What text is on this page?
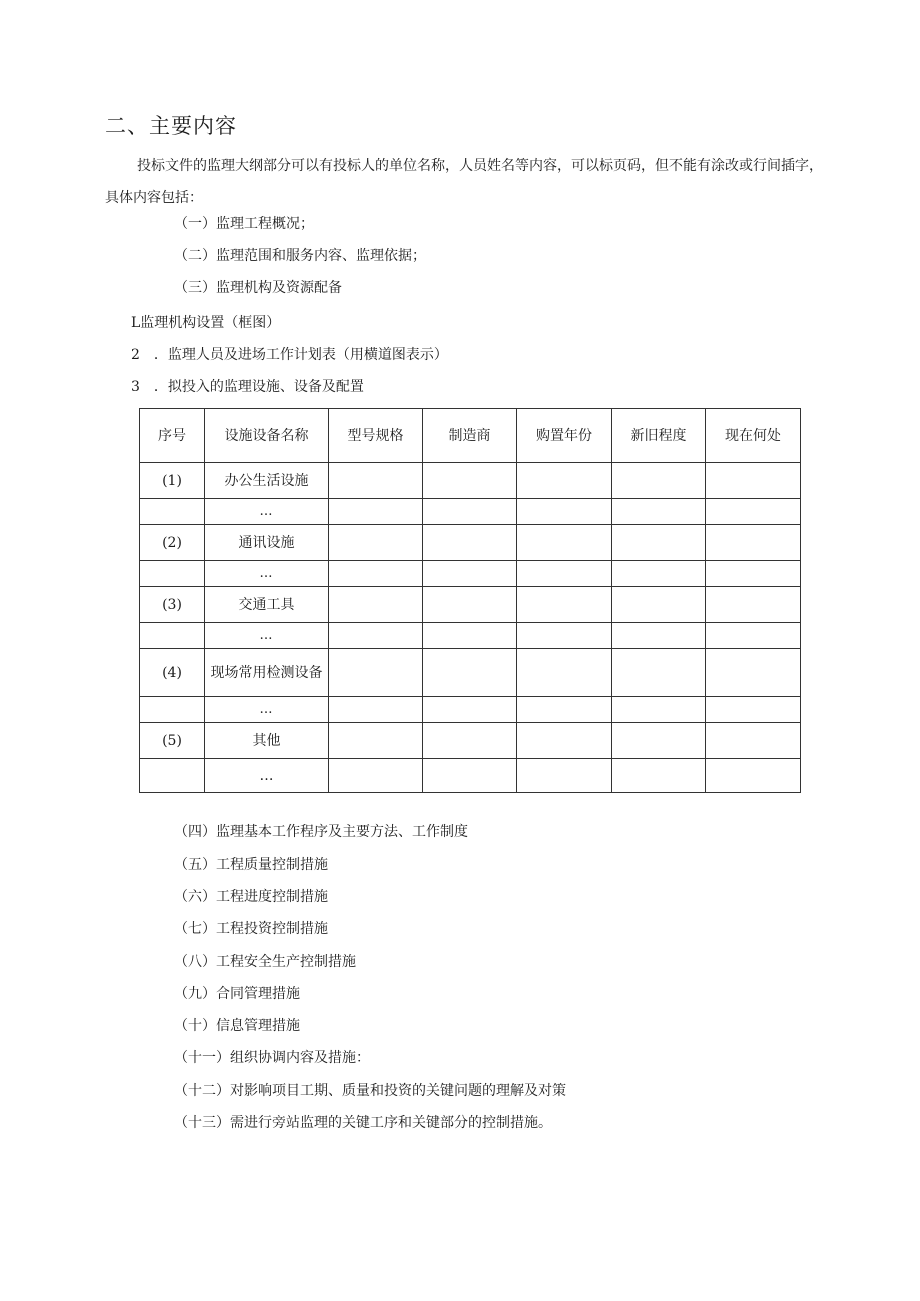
二、主要内容
投标文件的监理大纲部分可以有投标人的单位名称，人员姓名等内容，可以标页码，但不能有涂改或行间插字，具体内容包括：
（一）监理工程概况；
（二）监理范围和服务内容、监理依据；
（三）监理机构及资源配备
L监理机构设置（框图）
2　．监理人员及进场工作计划表（用横道图表示）
3　．拟投入的监理设施、设备及配置
序号	设施设备名称	型号规格	制造商	购置年份	新旧程度	现在何处
(1)	办公生活设施					
	…					
(2)	通讯设施					
	…					
(3)	交通工具					
	…					
(4)	现场常用检测设备					
	…					
(5)	其他					
	…					
（四）监理基本工作程序及主要方法、工作制度
（五）工程质量控制措施
（六）工程进度控制措施
（七）工程投资控制措施
（八）工程安全生产控制措施
（九）合同管理措施
（十）信息管理措施
（十一）组织协调内容及措施：
（十二）对影响项目工期、质量和投资的关键问题的理解及对策
（十三）需进行旁站监理的关键工序和关键部分的控制措施。
